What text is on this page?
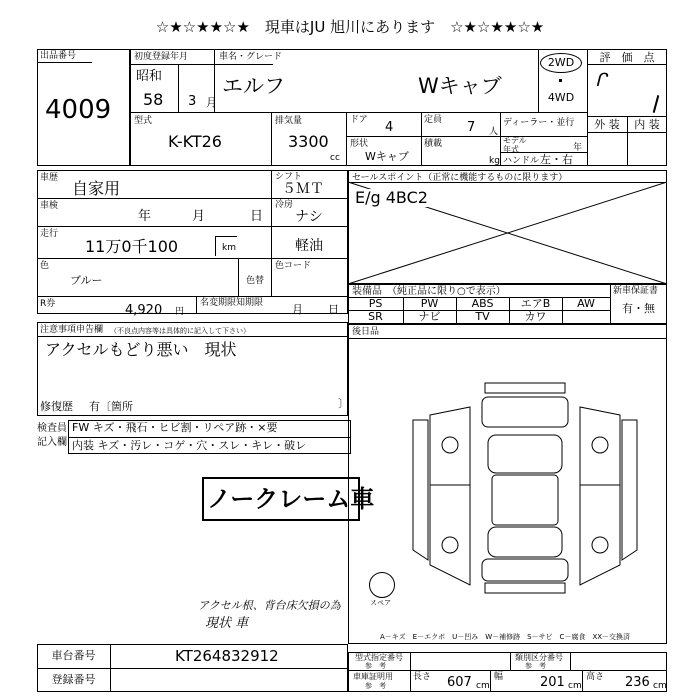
☆★☆★★☆★　現車はJU 旭川にあります　☆★☆★★☆★
出品番号
4009
初度登録年月
昭和
58 3 月
車名・グレード
エルフ	Wキャブ
2WD
4WD
評　価　点
ᒋ
外 装	内 装
型式
K-KT26
排気量
3300
cc
ドア 4	定員 7 人
ディーラー・並行
形状
Wキャブ
積載
kg
モデル 年式	年
ハンドル 左・右
車歴
自家用
シフト
５ＭＴ
車検
年	月	日
冷房
ナシ
走行
11万0千100	km	軽油
色
ブルー	色替
色コード
R券	4,920 円
名変期限知期限	月 日
注意事項申告欄 （不良点内容等は具体的に記入して下さい）
アクセルもどり悪い　現状
修復歴 有〔箇所	〕
検査員
記入欄
FW キズ・飛石・ヒビ割・リペア跡・×要
内装 キズ・汚レ・コゲ・穴・スレ・キレ・破レ
ノークレーム車
アクセル根、背台床欠損の為
現状 車
セールスポイント（正常に機能するものに限ります）
E/g 4BC2
装備品　（純正品に限り○で表示）	新車保証書
有・無
PS	PW	ABS	エアB	AW
SR	ナビ	TV	カワ
後日品
スペア
A－キズ　E－エクボ　U－凹み　W－補修跡　S－サビ　C－腐食　XX－交換済
車台番号	KT264832912
登録番号
型式指定番号
参　考
類別区分番号
参　考
車庫証明用
参　考
長さ 607 cm
幅	201 cm
高さ 236 cm
